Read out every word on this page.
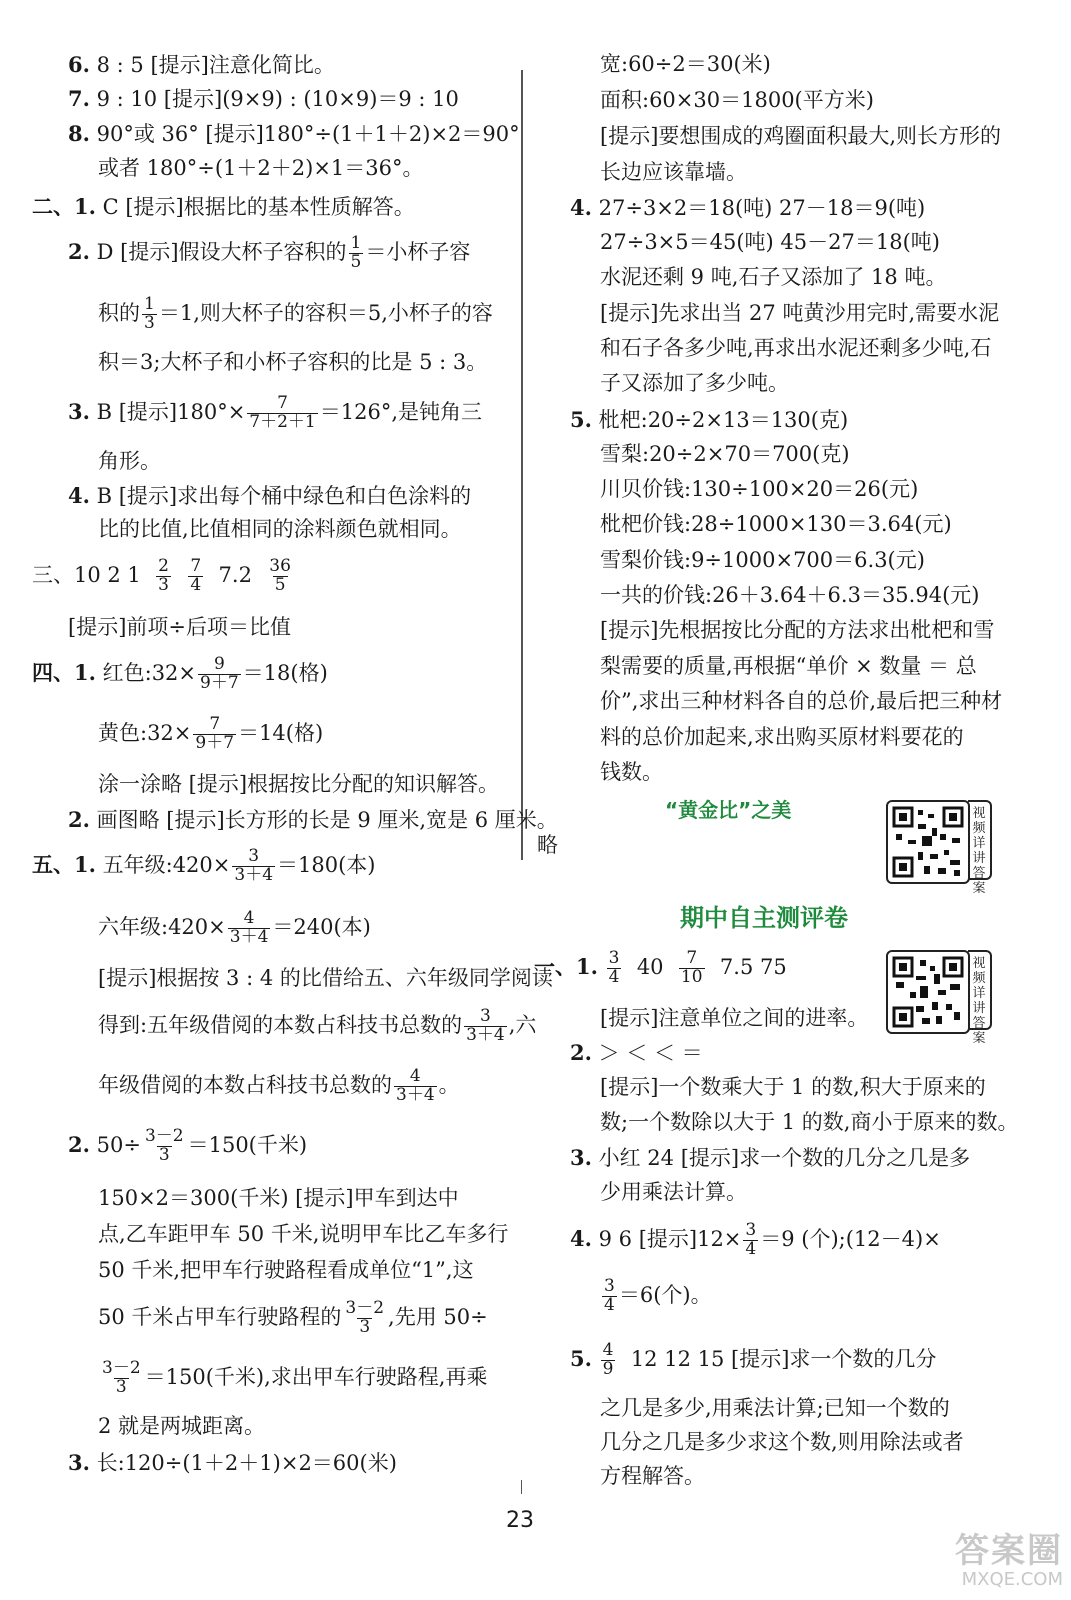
6. 8 : 5 [提示]注意化简比。
7. 9 : 10 [提示](9×9) : (10×9)＝9 : 10
8. 90°或 36° [提示]180°÷(1＋1＋2)×2＝90°
或者 180°÷(1＋2＋2)×1＝36°。
二、1. C [提示]根据比的基本性质解答。
2. D [提示]假设大杯子容积的 $\frac{1}{5}$ ＝小杯子容
积的 $\frac{1}{3} =1$,则大杯子的容积＝5,小杯子的容
积＝3;大杯子和小杯子容积的比是 5 : 3。
3. B [提示]$180^\circ\times \frac{7}{7+2+1} =126^\circ$,是钝角三
角形。
4. B [提示]求出每个桶中绿色和白色涂料的
比的比值,比值相同的涂料颜色就相同。
三、10 2 $1 \frac{2}{3}$
$\frac{7}{4} 7.2 \frac{36}{5}$
[提示]前项÷后项＝比值
四、1. 红色:32× $\frac{9}{9+7} =18$(格)
黄色:32× $\frac{7}{9+7} =14$(格)
涂一涂略 [提示]根据按比分配的知识解答。
2. 画图略 [提示]长方形的长是 9 厘米,宽是 6 厘米。
五、1. 五年级:420× $\frac{3}{3+4} =180$(本)
六年级:420× $\frac{4}{3+4} =240$(本)
[提示]根据按 3 : 4 的比借给五、六年级同学阅读
得到:五年级借阅的本数占科技书总数的 $\frac{3}{3+4}$ ,六
年级借阅的本数占科技书总数的 $\frac{4}{3+4}$ 。
2. $50\div \frac{3-2}{3} =150$(千米)
150×2＝300(千米) [提示]甲车到达中
点,乙车距甲车 50 千米,说明甲车比乙车多行
50 千米,把甲车行驶路程看成单位“1”,这
50 千米占甲车行驶路程的 $\frac{3-2}{3}$ ,先用 50÷
$\frac{3-2}{3} =150$(千米),求出甲车行驶路程,再乘
2 就是两城距离。
3. 长:120÷(1＋2＋1)×2＝60(米)
宽:60÷2＝30(米)
面积:60×30＝1800(平方米)
[提示]要想围成的鸡圈面积最大,则长方形的
长边应该靠墙。
4. 27÷3×2＝18(吨) 27－18＝9(吨)
27÷3×5＝45(吨) 45－27＝18(吨)
水泥还剩 9 吨,石子又添加了 18 吨。
[提示]先求出当 27 吨黄沙用完时,需要水泥
和石子各多少吨,再求出水泥还剩多少吨,石
子又添加了多少吨。
5. 枇杷:20÷2×13＝130(克)
雪梨:20÷2×70＝700(克)
川贝价钱:130÷100×20＝26(元)
枇杷价钱:28÷1000×130＝3.64(元)
雪梨价钱:9÷1000×700＝6.3(元)
一共的价钱:26＋3.64＋6.3＝35.94(元)
[提示]先根据按比分配的方法求出枇杷和雪
梨需要的质量,再根据“单价 × 数量 ＝ 总
价”,求出三种材料各自的总价,最后把三种材
料的总价加起来,求出购买原材料要花的
钱数。
“黄金比”之美
略
视频详讲答案
期中自主测评卷
视频详讲答案
一、1. $\frac{3}{4} 40 \frac{7}{10} 7.5$ 75
[提示]注意单位之间的进率。
2. ＞ ＜ ＜ ＝
[提示]一个数乘大于 1 的数,积大于原来的
数;一个数除以大于 1 的数,商小于原来的数。
3. 小红 24 [提示]求一个数的几分之几是多
少用乘法计算。
4. 9 6 [提示]$12\times \frac{3}{4} =9$ (个);(12－4)×
$\frac{3}{4} =6$(个)。
5. $\frac{4}{9} 12$ 12 15 [提示]求一个数的几分
之几是多少,用乘法计算;已知一个数的
几分之几是多少求这个数,则用除法或者
方程解答。
23
答案圈
MXQE.COM
